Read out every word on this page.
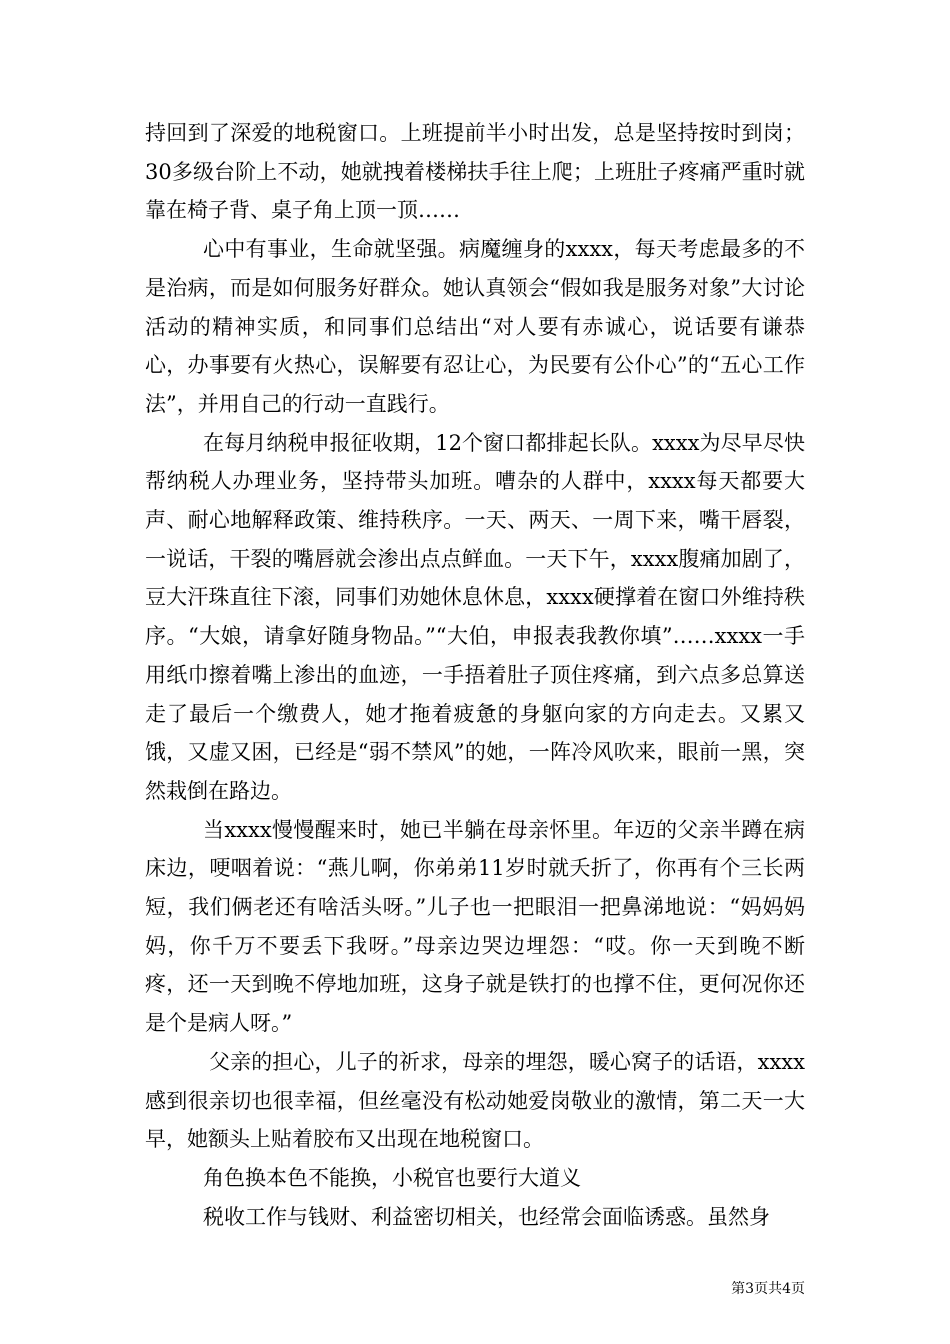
持回到了深爱的地税窗口。上班提前半小时出发，总是坚持按时到岗；30多级台阶上不动，她就拽着楼梯扶手往上爬；上班肚子疼痛严重时就靠在椅子背、桌子角上顶一顶……

心中有事业，生命就坚强。病魔缠身的xxxx，每天考虑最多的不是治病，而是如何服务好群众。她认真领会“假如我是服务对象”大讨论活动的精神实质，和同事们总结出“对人要有赤诚心，说话要有谦恭心，办事要有火热心，误解要有忍让心，为民要有公仆心”的“五心工作法”，并用自己的行动一直践行。

在每月纳税申报征收期，12个窗口都排起长队。xxxx为尽早尽快帮纳税人办理业务，坚持带头加班。嘈杂的人群中，xxxx每天都要大声、耐心地解释政策、维持秩序。一天、两天、一周下来，嘴干唇裂，一说话，干裂的嘴唇就会渗出点点鲜血。一天下午，xxxx腹痛加剧了，豆大汗珠直往下滚，同事们劝她休息休息，xxxx硬撑着在窗口外维持秩序。“大娘，请拿好随身物品。”“大伯，申报表我教你填”……xxxx一手用纸巾擦着嘴上渗出的血迹，一手捂着肚子顶住疼痛，到六点多总算送走了最后一个缴费人，她才拖着疲惫的身躯向家的方向走去。又累又饿，又虚又困，已经是“弱不禁风”的她，一阵冷风吹来，眼前一黑，突然栽倒在路边。

当xxxx慢慢醒来时，她已半躺在母亲怀里。年迈的父亲半蹲在病床边，哽咽着说：“燕儿啊，你弟弟11岁时就夭折了，你再有个三长两短，我们俩老还有啥活头呀。”儿子也一把眼泪一把鼻涕地说：“妈妈妈妈，你千万不要丢下我呀。”母亲边哭边埋怨：“哎。你一天到晚不断疼，还一天到晚不停地加班，这身子就是铁打的也撑不住，更何况你还是个是病人呀。”

父亲的担心，儿子的祈求，母亲的埋怨，暖心窝子的话语，xxxx感到很亲切也很幸福，但丝毫没有松动她爱岗敬业的激情，第二天一大早，她额头上贴着胶布又出现在地税窗口。

角色换本色不能换，小税官也要行大道义

税收工作与钱财、利益密切相关，也经常会面临诱惑。虽然身

第3页共4页
